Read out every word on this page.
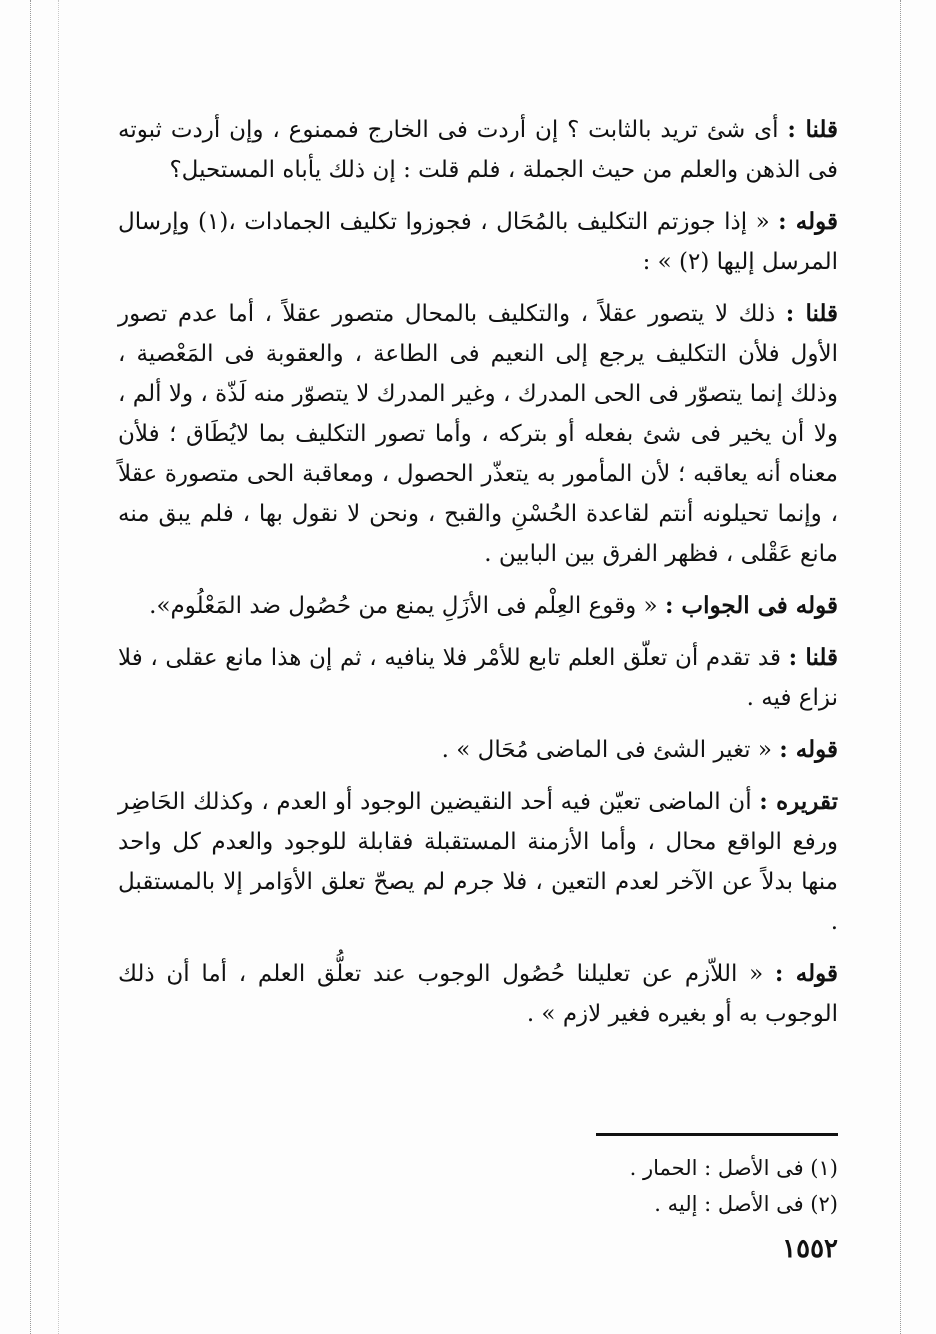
قلنا : أى شئ تريد بالثابت ؟ إن أردت فى الخارج فممنوع ، وإن أردت ثبوته فى الذهن والعلم من حيث الجملة ، فلم قلت : إن ذلك يأباه المستحيل؟

قوله : « إذا جوزتم التكليف بالمُحَال ، فجوزوا تكليف الجمادات ،(١) وإرسال المرسل إليها (٢) » :

قلنا : ذلك لا يتصور عقلاً ، والتكليف بالمحال متصور عقلاً ، أما عدم تصور الأول فلأن التكليف يرجع إلى النعيم فى الطاعة ، والعقوبة فى المَعْصية ، وذلك إنما يتصوّر فى الحى المدرك ، وغير المدرك لا يتصوّر منه لَذّة ، ولا ألم ، ولا أن يخير فى شئ بفعله أو بتركه ، وأما تصور التكليف بما لايُطَاق ؛ فلأن معناه أنه يعاقبه ؛ لأن المأمور به يتعذّر الحصول ، ومعاقبة الحى متصورة عقلاً ، وإنما تحيلونه أنتم لقاعدة الحُسْنِ والقبح ، ونحن لا نقول بها ، فلم يبق منه مانع عَقْلى ، فظهر الفرق بين البابين .

قوله فى الجواب : « وقوع العِلْم فى الأزَلِ يمنع من حُصُول ضد المَعْلُوم».

قلنا : قد تقدم أن تعلّق العلم تابع للأمْر فلا ينافيه ، ثم إن هذا مانع عقلى ، فلا نزاع فيه .

قوله : « تغير الشئ فى الماضى مُحَال » .

تقريره : أن الماضى تعيّن فيه أحد النقيضين الوجود أو العدم ، وكذلك الحَاضِر ورفع الواقع محال ، وأما الأزمنة المستقبلة فقابلة للوجود والعدم كل واحد منها بدلاً عن الآخر لعدم التعين ، فلا جرم لم يصحّ تعلق الأوَامر إلا بالمستقبل .

قوله : « اللاّزم عن تعليلنا حُصُول الوجوب عند تعلُّق العلم ، أما أن ذلك الوجوب به أو بغيره فغير لازم » .

(١) فى الأصل : الحمار .
(٢) فى الأصل : إليه .
١٥٥٢
